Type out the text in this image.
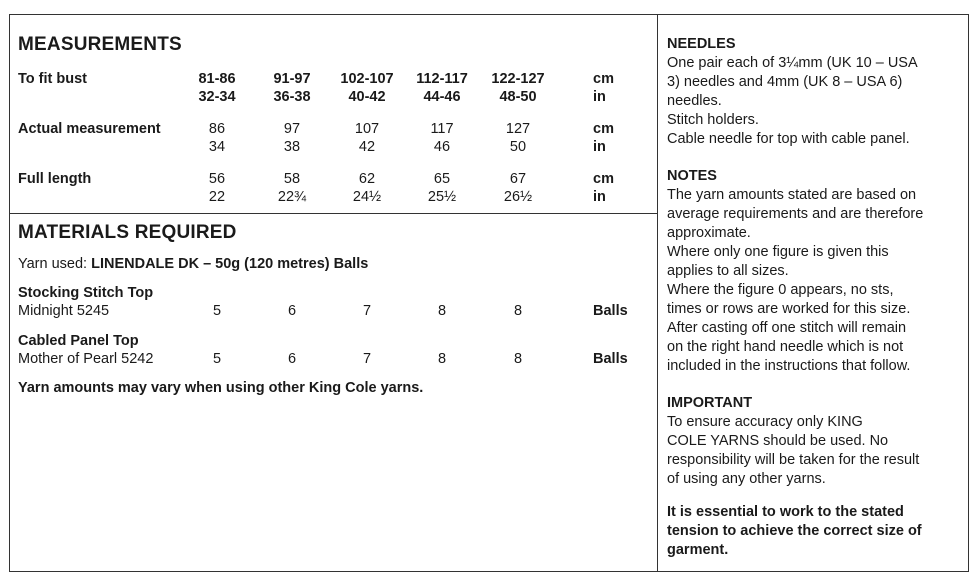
MEASUREMENTS
To fit bust	81-86	91-97	102-107	112-117	122-127	cm
32-34	36-38	40-42	44-46	48-50	in
Actual measurement	86	97	107	117	127	cm
34	38	42	46	50	in
Full length	56	58	62	65	67	cm
22	22¾	24½	25½	26½	in
MATERIALS REQUIRED
Yarn used: LINENDALE DK – 50g (120 metres) Balls
Stocking Stitch Top
Midnight 5245	5	6	7	8	8	Balls
Cabled Panel Top
Mother of Pearl 5242	5	6	7	8	8	Balls
Yarn amounts may vary when using other King Cole yarns.
NEEDLES
One pair each of 3¼mm (UK 10 – USA
3) needles and 4mm (UK 8 – USA 6)
needles.
Stitch holders.
Cable needle for top with cable panel.
NOTES
The yarn amounts stated are based on
average requirements and are therefore
approximate.
Where only one figure is given this
applies to all sizes.
Where the figure 0 appears, no sts,
times or rows are worked for this size.
After casting off one stitch will remain
on the right hand needle which is not
included in the instructions that follow.
IMPORTANT
To ensure accuracy only KING
COLE YARNS should be used. No
responsibility will be taken for the result
of using any other yarns.
It is essential to work to the stated
tension to achieve the correct size of
garment.
